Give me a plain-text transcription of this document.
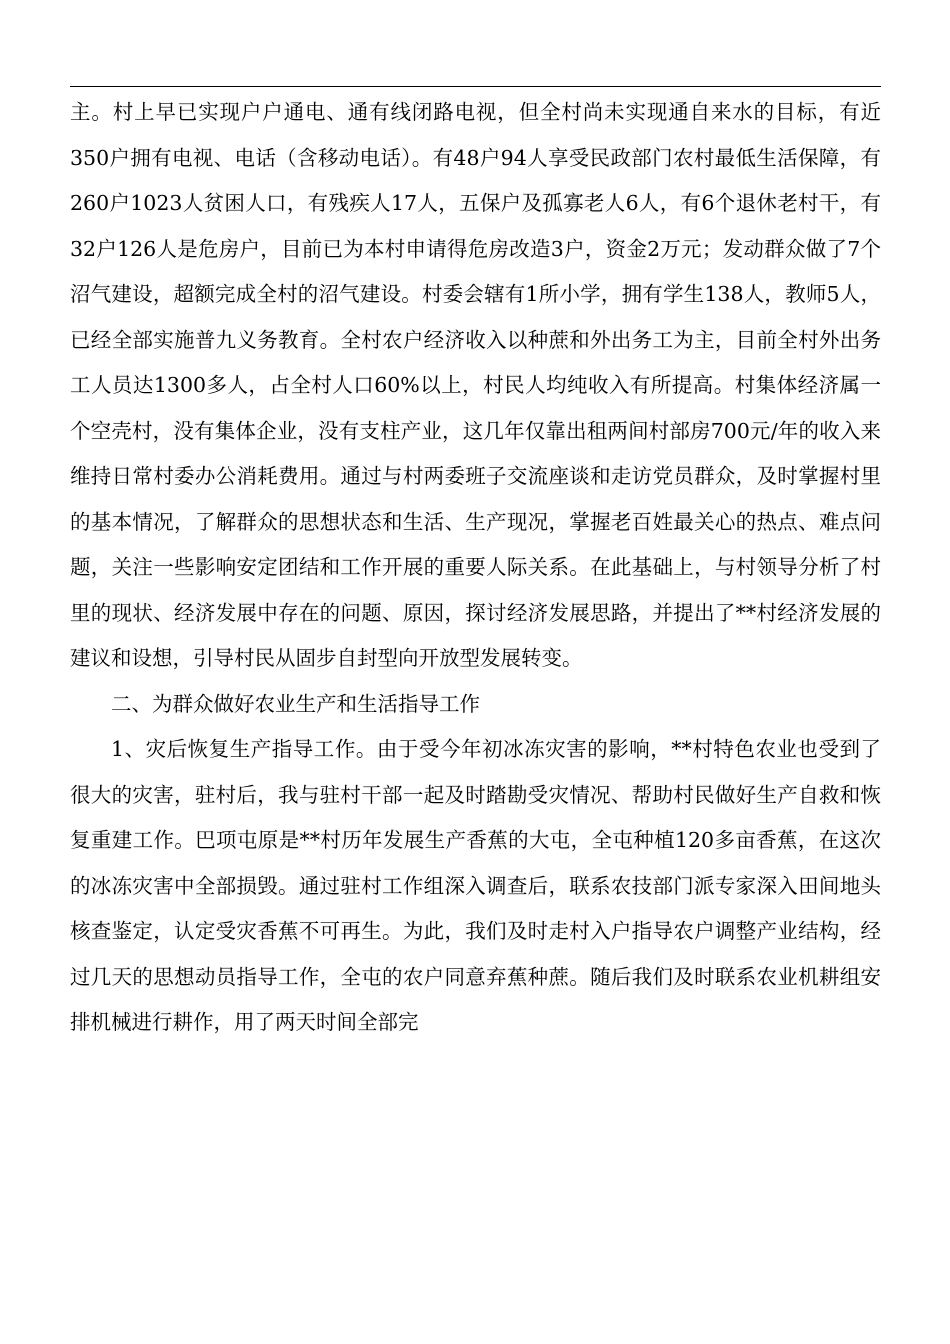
主。村上早已实现户户通电、通有线闭路电视，但全村尚未实现通自来水的目标，有近350户拥有电视、电话（含移动电话）。有48户94人享受民政部门农村最低生活保障，有260户1023人贫困人口，有残疾人17人，五保户及孤寡老人6人，有6个退休老村干，有32户126人是危房户，目前已为本村申请得危房改造3户，资金2万元；发动群众做了7个沼气建设，超额完成全村的沼气建设。村委会辖有1所小学，拥有学生138人，教师5人，已经全部实施普九义务教育。全村农户经济收入以种蔗和外出务工为主，目前全村外出务工人员达1300多人，占全村人口60%以上，村民人均纯收入有所提高。村集体经济属一个空壳村，没有集体企业，没有支柱产业，这几年仅靠出租两间村部房700元/年的收入来维持日常村委办公消耗费用。通过与村两委班子交流座谈和走访党员群众，及时掌握村里的基本情况，了解群众的思想状态和生活、生产现况，掌握老百姓最关心的热点、难点问题，关注一些影响安定团结和工作开展的重要人际关系。在此基础上，与村领导分析了村里的现状、经济发展中存在的问题、原因，探讨经济发展思路，并提出了**村经济发展的建议和设想，引导村民从固步自封型向开放型发展转变。

二、为群众做好农业生产和生活指导工作

1、灾后恢复生产指导工作。由于受今年初冰冻灾害的影响，**村特色农业也受到了很大的灾害，驻村后，我与驻村干部一起及时踏勘受灾情况、帮助村民做好生产自救和恢复重建工作。巴项屯原是**村历年发展生产香蕉的大屯，全屯种植120多亩香蕉，在这次的冰冻灾害中全部损毁。通过驻村工作组深入调查后，联系农技部门派专家深入田间地头核查鉴定，认定受灾香蕉不可再生。为此，我们及时走村入户指导农户调整产业结构，经过几天的思想动员指导工作，全屯的农户同意弃蕉种蔗。随后我们及时联系农业机耕组安排机械进行耕作，用了两天时间全部完
